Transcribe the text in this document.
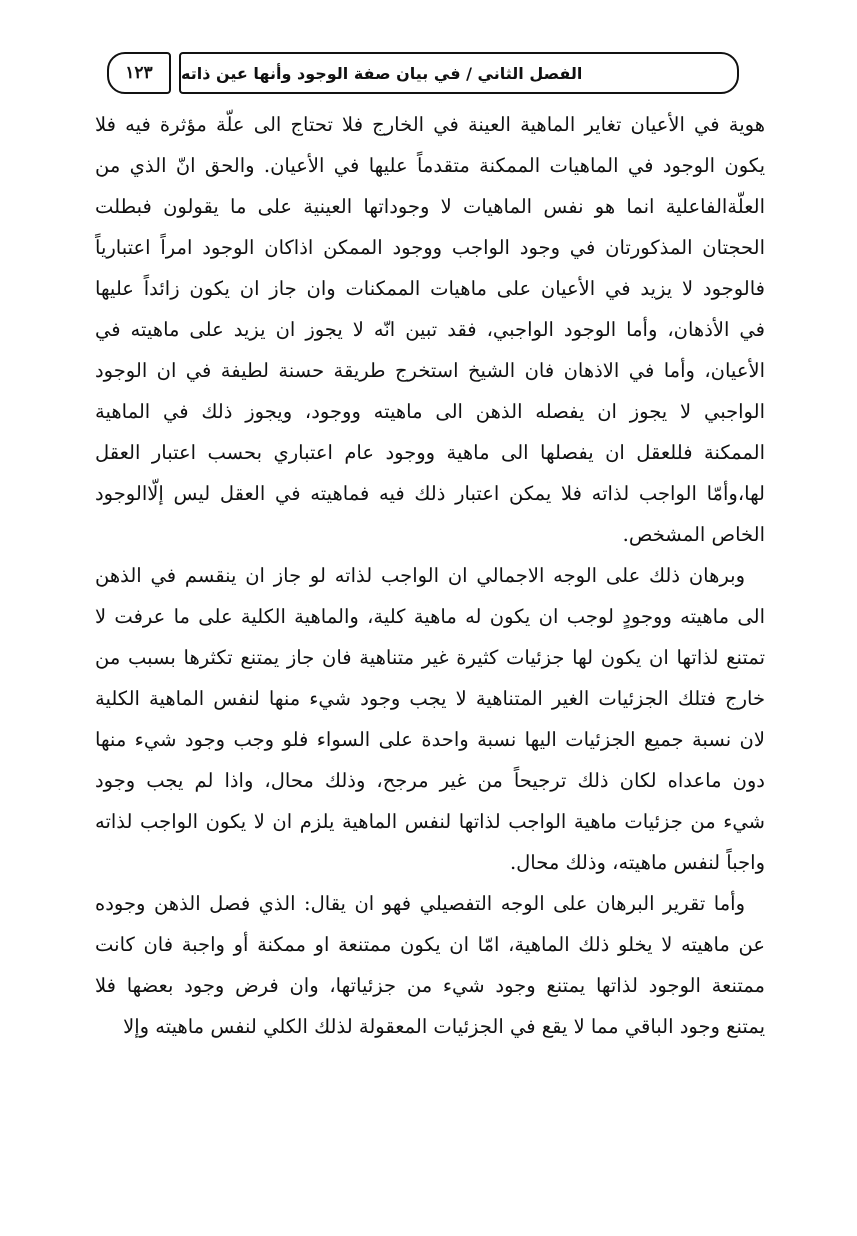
١٢٣ الفصل الثاني / في بيان صفة الوجود وأنها عين ذاته
هوية في الأعيان تغاير الماهية العينة في الخارج فلا تحتاج الى علّة مؤثرة فيه فلا
يكون الوجود في الماهيات الممكنة متقدماً عليها في الأعيان. والحق انّ الذي من
العلّةالفاعلية انما هو نفس الماهيات لا وجوداتها العينية على ما يقولون فبطلت
الحجتان المذكورتان في وجود الواجب ووجود الممكن اذاكان الوجود امراً اعتبارياً
فالوجود لا يزيد في الأعيان على ماهيات الممكنات وان جاز ان يكون زائداً عليها
في الأذهان، وأما الوجود الواجبي، فقد تبين انّه لا يجوز ان يزيد على ماهيته في
الأعيان، وأما في الاذهان فان الشيخ استخرج طريقة حسنة لطيفة في ان الوجود
الواجبي لا يجوز ان يفصله الذهن الى ماهيته ووجود، ويجوز ذلك في الماهية
الممكنة فللعقل ان يفصلها الى ماهية ووجود عام اعتباري بحسب اعتبار العقل
لها،وأمّا الواجب لذاته فلا يمكن اعتبار ذلك فيه فماهيته في العقل ليس إلّاالوجود
الخاص المشخص.
وبرهان ذلك على الوجه الاجمالي ان الواجب لذاته لو جاز ان ينقسم في الذهن
الى ماهيته ووجودٍ لوجب ان يكون له ماهية كلية، والماهية الكلية على ما عرفت لا
تمتنع لذاتها ان يكون لها جزئيات كثيرة غير متناهية فان جاز يمتنع تكثرها بسبب من
خارج فتلك الجزئيات الغير المتناهية لا يجب وجود شيء منها لنفس الماهية الكلية
لان نسبة جميع الجزئيات اليها نسبة واحدة على السواء فلو وجب وجود شيء منها
دون ماعداه لكان ذلك ترجيحاً من غير مرجح، وذلك محال، واذا لم يجب وجود
شيء من جزئيات ماهية الواجب لذاتها لنفس الماهية يلزم ان لا يكون الواجب لذاته
واجباً لنفس ماهيته، وذلك محال.
وأما تقرير البرهان على الوجه التفصيلي فهو ان يقال: الذي فصل الذهن وجوده
عن ماهيته لا يخلو ذلك الماهية، امّا ان يكون ممتنعة او ممكنة أو واجبة فان كانت
ممتنعة الوجود لذاتها يمتنع وجود شيء من جزئياتها، وان فرض وجود بعضها فلا
يمتنع وجود الباقي مما لا يقع في الجزئيات المعقولة لذلك الكلي لنفس ماهيته وإلا
